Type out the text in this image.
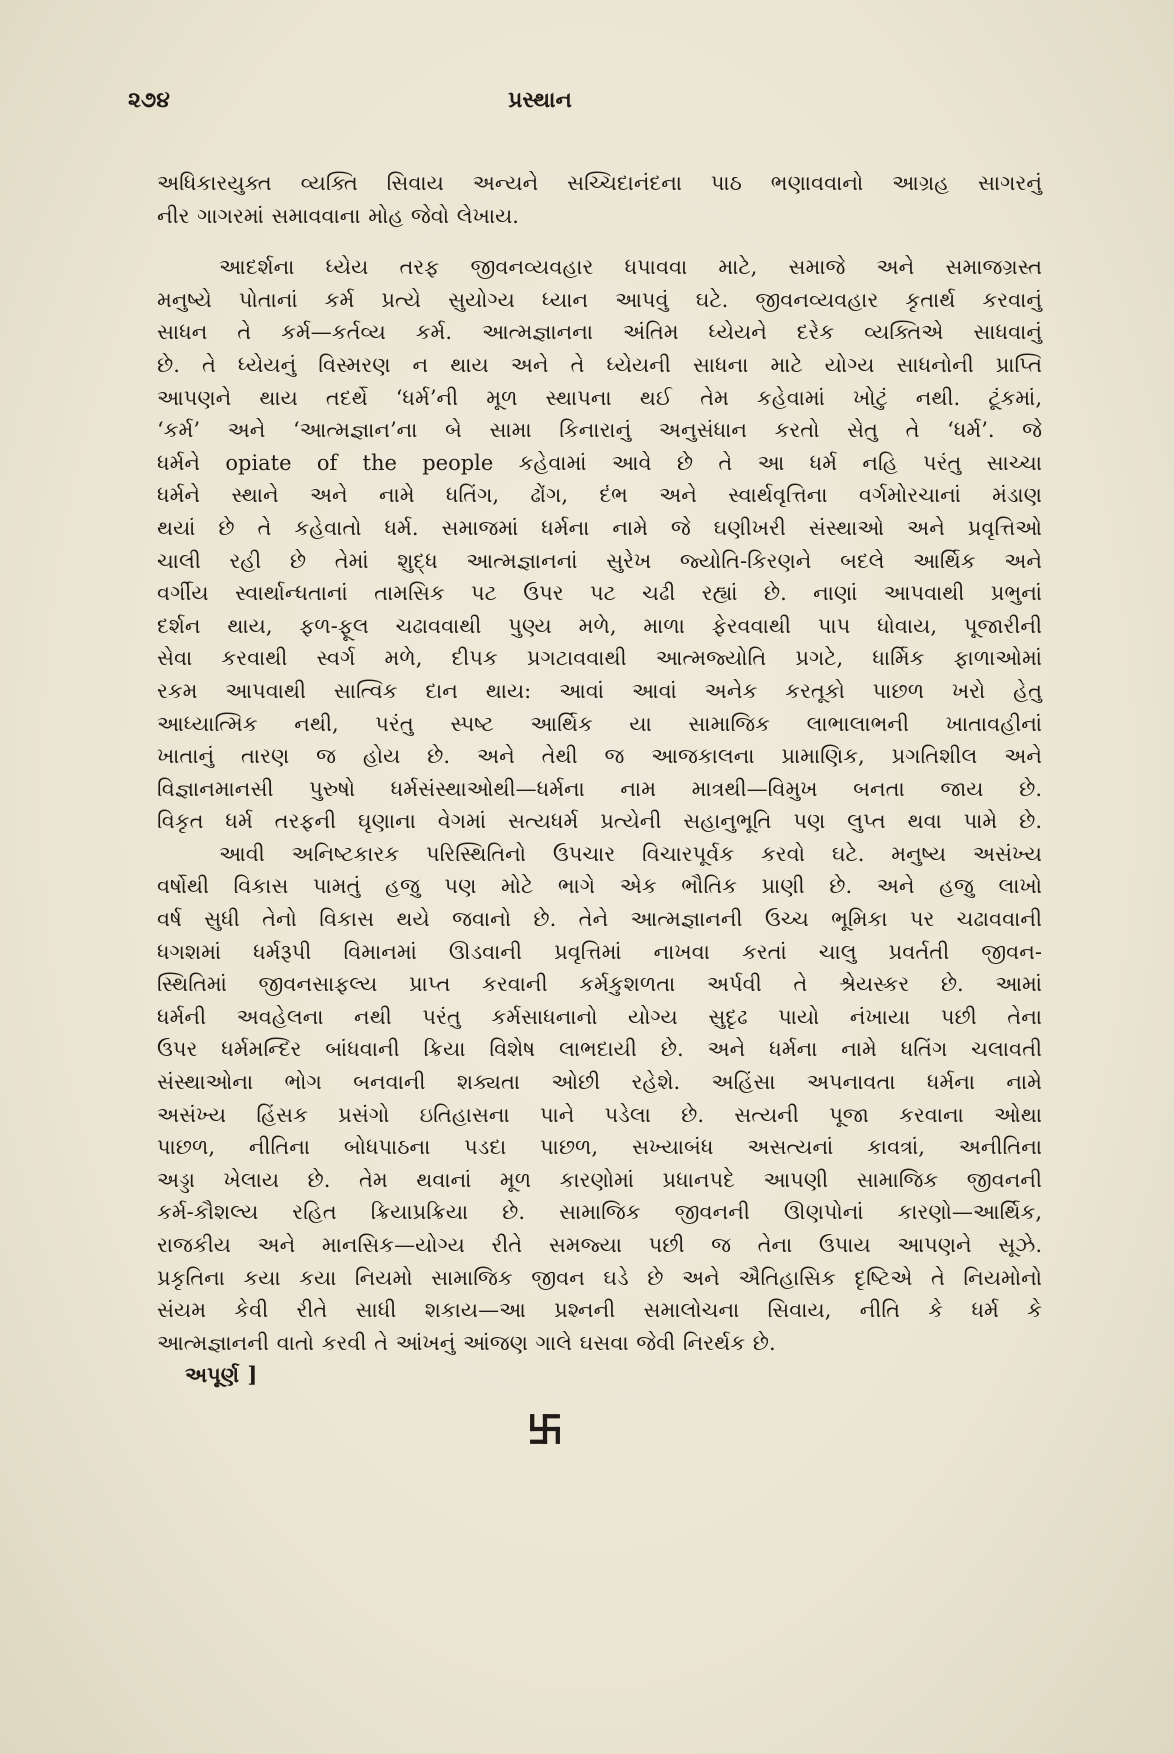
૨૭૪	પ્રસ્થાન
અધિકારયુક્ત વ્યક્તિ સિવાય અન્યને સચ્ચિદાનંદના પાઠ ભણાવવાનો આગ્રહ સાગરનું
નીર ગાગરમાં સમાવવાના મોહ જેવો લેખાય.
આદર્શના ધ્યેય તરફ જીવનવ્યવહાર ધપાવવા માટે, સમાજે અને સમાજગ્રસ્ત
મનુષ્યે પોતાનાં કર્મ પ્રત્યે સુયોગ્ય ધ્યાન આપવું ઘટે. જીવનવ્યવહાર કૃતાર્થ કરવાનું
સાધન તે કર્મ—કર્તવ્ય કર્મ. આત્મજ્ઞાનના અંતિમ ધ્યેયને દરેક વ્યક્તિએ સાધવાનું
છે. તે ધ્યેયનું વિસ્મરણ ન થાય અને તે ધ્યેયની સાધના માટે યોગ્ય સાધનોની પ્રાપ્તિ
આપણને થાય તદર્થે ‘ધર્મ’ની મૂળ સ્થાપના થઈ તેમ કહેવામાં ખોટું નથી. ટૂંકમાં,
‘કર્મ’ અને ‘આત્મજ્ઞાન’ના બે સામા કિનારાનું અનુસંધાન કરતો સેતુ તે ‘ધર્મ’. જે
ધર્મને opiate of the people કહેવામાં આવે છે તે આ ધર્મ નહિ પરંતુ સાચ્ચા
ધર્મને સ્થાને અને નામે ધતિંગ, ઢોંગ, દંભ અને સ્વાર્થવૃત્તિના વર્ગમોરચાનાં મંડાણ
થયાં છે તે કહેવાતો ધર્મ. સમાજમાં ધર્મના નામે જે ઘણીખરી સંસ્થાઓ અને પ્રવૃત્તિઓ
ચાલી રહી છે તેમાં શુદ્ધ આત્મજ્ઞાનનાં સુરેખ જ્યોતિ-કિરણને બદલે આર્થિક અને
વર્ગીય સ્વાર્થાન્ધતાનાં તામસિક પટ ઉપર પટ ચઢી રહ્યાં છે. નાણાં આપવાથી પ્રભુનાં
દર્શન થાય, ફળ-ફૂલ ચઢાવવાથી પુણ્ય મળે, માળા ફેરવવાથી પાપ ધોવાય, પૂજારીની
સેવા કરવાથી સ્વર્ગ મળે, દીપક પ્રગટાવવાથી આત્મજ્યોતિ પ્રગટે, ધાર્મિક ફાળાઓમાં
રકમ આપવાથી સાત્વિક દાન થાય: આવાં આવાં અનેક કરતૂકો પાછળ ખરો હેતુ
આધ્યાત્મિક નથી, પરંતુ સ્પષ્ટ આર્થિક યા સામાજિક લાભાલાભની ખાતાવહીનાં
ખાતાનું તારણ જ હોય છે. અને તેથી જ આજકાલના પ્રામાણિક, પ્રગતિશીલ અને
વિજ્ઞાનમાનસી પુરુષો ધર્મસંસ્થાઓથી—ધર્મના નામ માત્રથી—વિમુખ બનતા જાય છે.
વિકૃત ધર્મ તરફની ઘૃણાના વેગમાં સત્યધર્મ પ્રત્યેની સહાનુભૂતિ પણ લુપ્ત થવા પામે છે.
આવી અનિષ્ટકારક પરિસ્થિતિનો ઉપચાર વિચારપૂર્વક કરવો ઘટે. મનુષ્ય અસંખ્ય
વર્ષોથી વિકાસ પામતું હજુ પણ મોટે ભાગે એક ભૌતિક પ્રાણી છે. અને હજુ લાખો
વર્ષ સુધી તેનો વિકાસ થયે જવાનો છે. તેને આત્મજ્ઞાનની ઉચ્ચ ભૂમિકા પર ચઢાવવાની
ધગશમાં ધર્મરૂપી વિમાનમાં ઊડવાની પ્રવૃત્તિમાં નાખવા કરતાં ચાલુ પ્રવર્તતી જીવન-
સ્થિતિમાં જીવનસાફલ્ય પ્રાપ્ત કરવાની કર્મકુશળતા અર્પવી તે શ્રેયસ્કર છે. આમાં
ધર્મની અવહેલના નથી પરંતુ કર્મસાધનાનો યોગ્ય સુદૃઢ પાયો નંખાયા પછી તેના
ઉપર ધર્મમન્દિર બાંધવાની ક્રિયા વિશેષ લાભદાયી છે. અને ધર્મના નામે ધતિંગ ચલાવતી
સંસ્થાઓના ભોગ બનવાની શક્યતા ઓછી રહેશે. અહિંસા અપનાવતા ધર્મના નામે
અસંખ્ય હિંસક પ્રસંગો ઇતિહાસના પાને પડેલા છે. સત્યની પૂજા કરવાના ઓથા
પાછળ, નીતિના બોધપાઠના પડદા પાછળ, સખ્યાબંધ અસત્યનાં કાવત્રાં, અનીતિના
અડ્ડા ખેલાય છે. તેમ થવાનાં મૂળ કારણોમાં પ્રધાનપદે આપણી સામાજિક જીવનની
કર્મ-કૌશલ્ય રહિત ક્રિયાપ્રક્રિયા છે. સામાજિક જીવનની ઊણપોનાં કારણો—આર્થિક,
રાજકીય અને માનસિક—યોગ્ય રીતે સમજ્યા પછી જ તેના ઉપાય આપણને સૂઝે.
પ્રકૃતિના કયા કયા નિયમો સામાજિક જીવન ઘડે છે અને ઐતિહાસિક દૃષ્ટિએ તે નિયમોનો
સંયમ કેવી રીતે સાધી શકાય—આ પ્રશ્નની સમાલોચના સિવાય, નીતિ કે ધર્મ કે
આત્મજ્ઞાનની વાતો કરવી તે આંખનું આંજણ ગાલે ઘસવા જેવી નિરર્થક છે.
અપૂર્ણ ]
